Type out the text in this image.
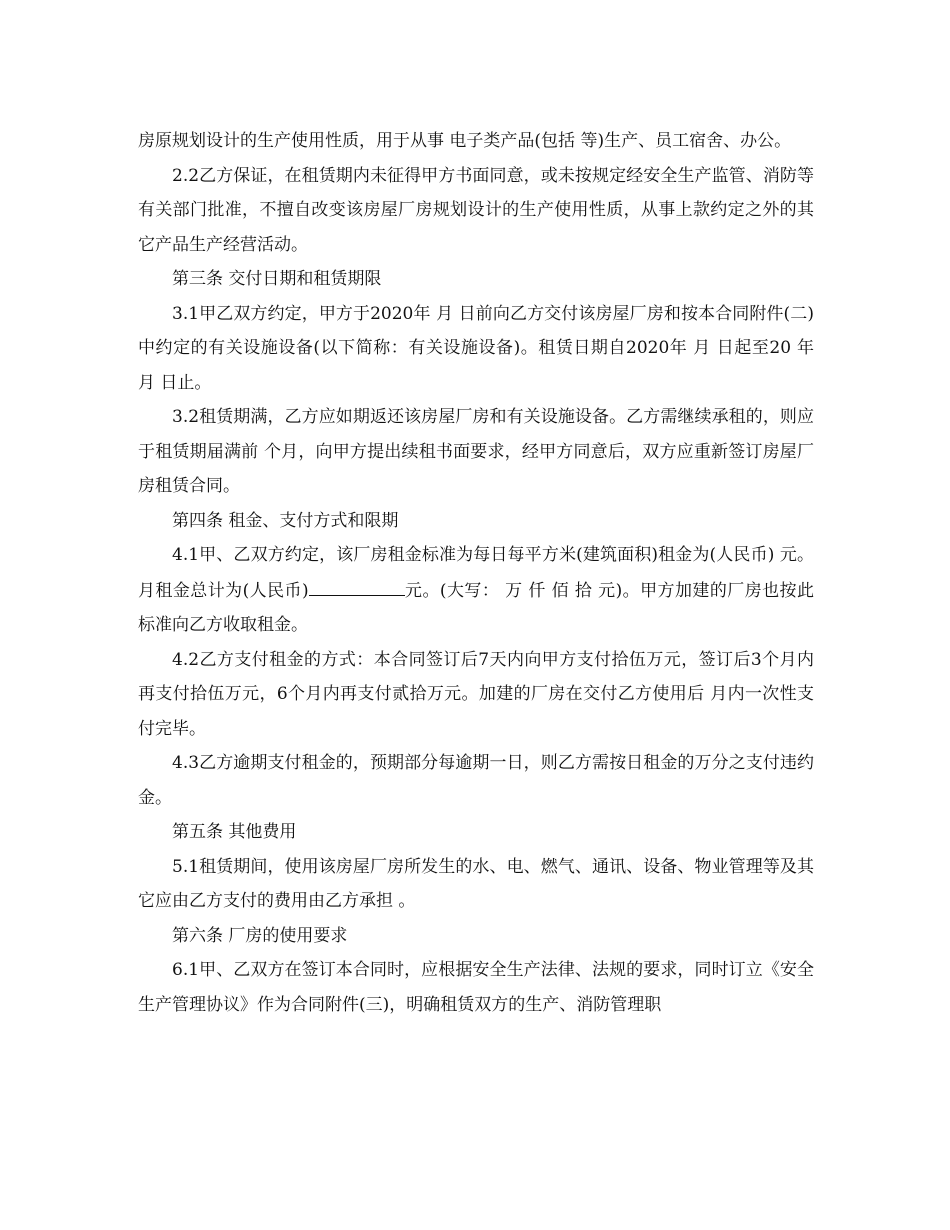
房原规划设计的生产使用性质，用于从事 电子类产品(包括 等)生产、员工宿舍、办公。

2.2乙方保证，在租赁期内未征得甲方书面同意，或未按规定经安全生产监管、消防等有关部门批准，不擅自改变该房屋厂房规划设计的生产使用性质，从事上款约定之外的其它产品生产经营活动。

第三条 交付日期和租赁期限

3.1甲乙双方约定，甲方于2020年 月 日前向乙方交付该房屋厂房和按本合同附件(二)中约定的有关设施设备(以下简称：有关设施设备)。租赁日期自2020年 月 日起至20 年 月 日止。

3.2租赁期满，乙方应如期返还该房屋厂房和有关设施设备。乙方需继续承租的，则应于租赁期届满前 个月，向甲方提出续租书面要求，经甲方同意后，双方应重新签订房屋厂房租赁合同。

第四条 租金、支付方式和限期

4.1甲、乙双方约定，该厂房租金标准为每日每平方米(建筑面积)租金为(人民币) 元。月租金总计为(人民币)	元。(大写： 万 仟 佰 拾 元)。甲方加建的厂房也按此标准向乙方收取租金。

4.2乙方支付租金的方式：本合同签订后7天内向甲方支付拾伍万元，签订后3个月内再支付拾伍万元，6个月内再支付贰拾万元。加建的厂房在交付乙方使用后 月内一次性支付完毕。

4.3乙方逾期支付租金的，预期部分每逾期一日，则乙方需按日租金的万分之支付违约金。

第五条 其他费用

5.1租赁期间，使用该房屋厂房所发生的水、电、燃气、通讯、设备、物业管理等及其它应由乙方支付的费用由乙方承担 。

第六条 厂房的使用要求

6.1甲、乙双方在签订本合同时，应根据安全生产法律、法规的要求，同时订立《安全生产管理协议》作为合同附件(三)，明确租赁双方的生产、消防管理职
